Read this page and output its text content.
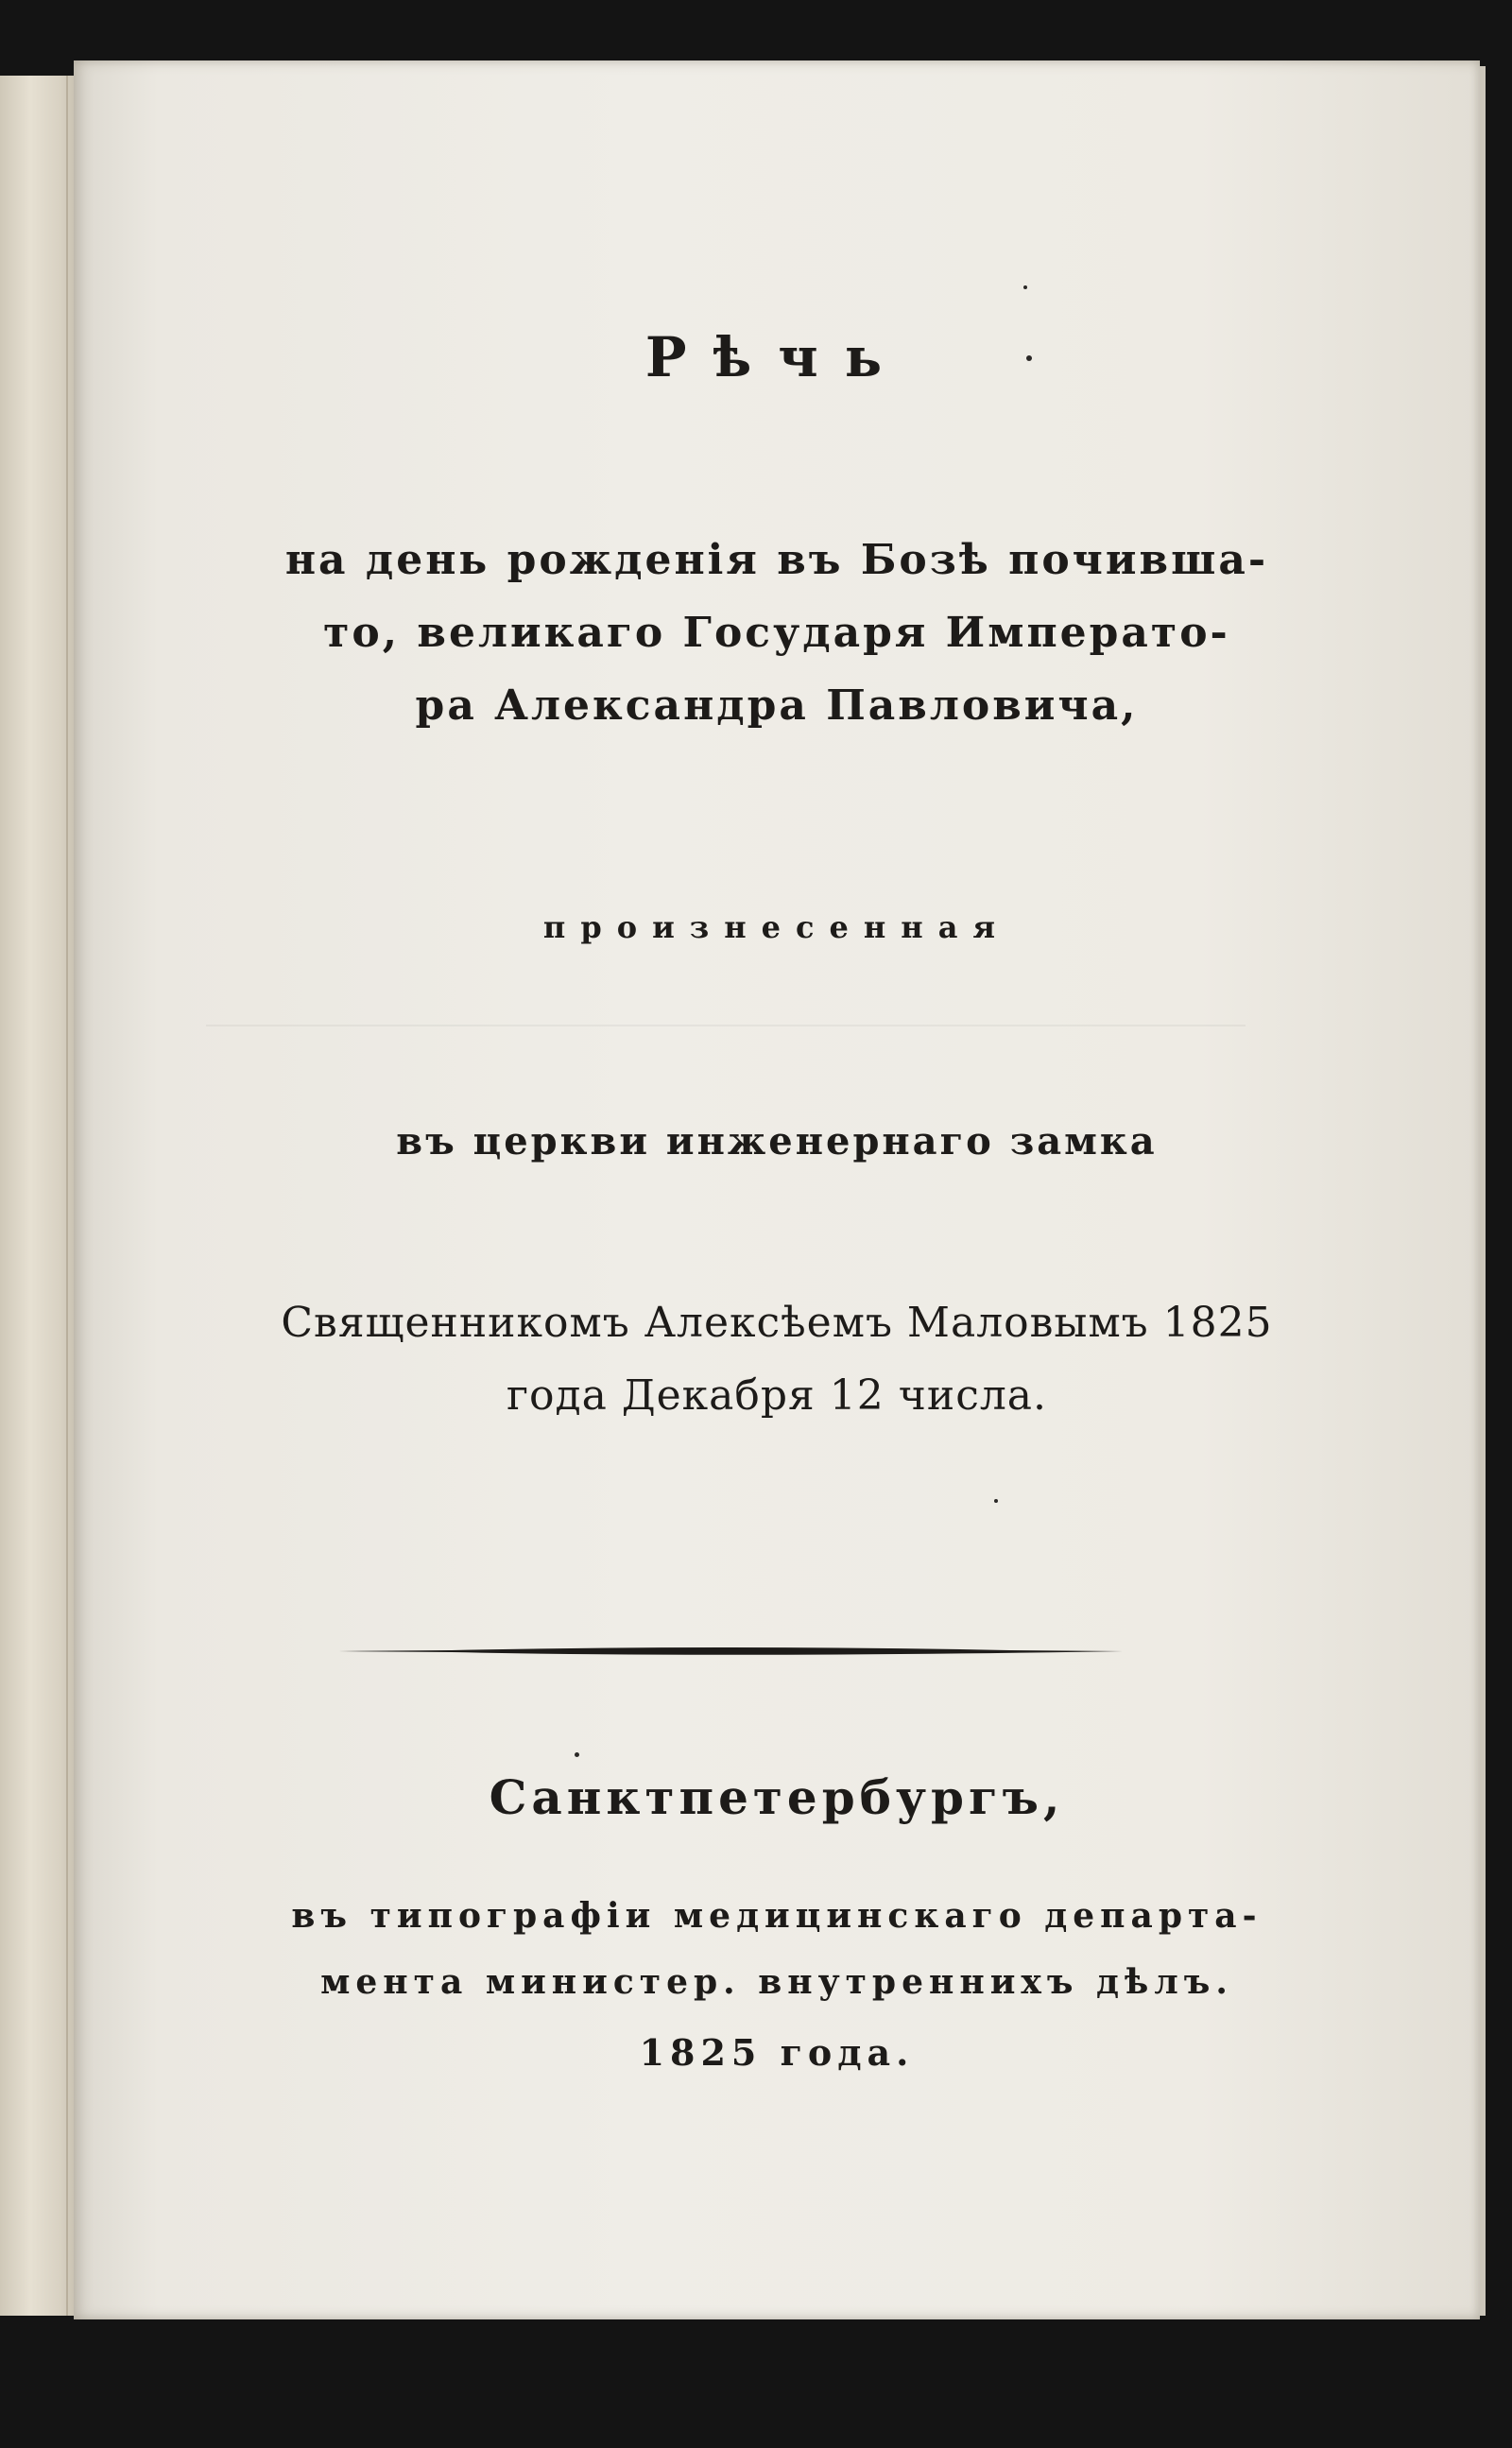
Рѣчь
на день рожденія въ Бозѣ почивша-
то, великаго Государя Императо-
ра Александра Павловича,
произнесенная
въ церкви инженернаго замка
Священникомъ Алексѣемъ Маловымъ 1825
года Декабря 12 числа.
Санктпетербургъ,
въ типографіи медицинскаго департа-
мента министер. внутреннихъ дѣлъ.
1825 года.
